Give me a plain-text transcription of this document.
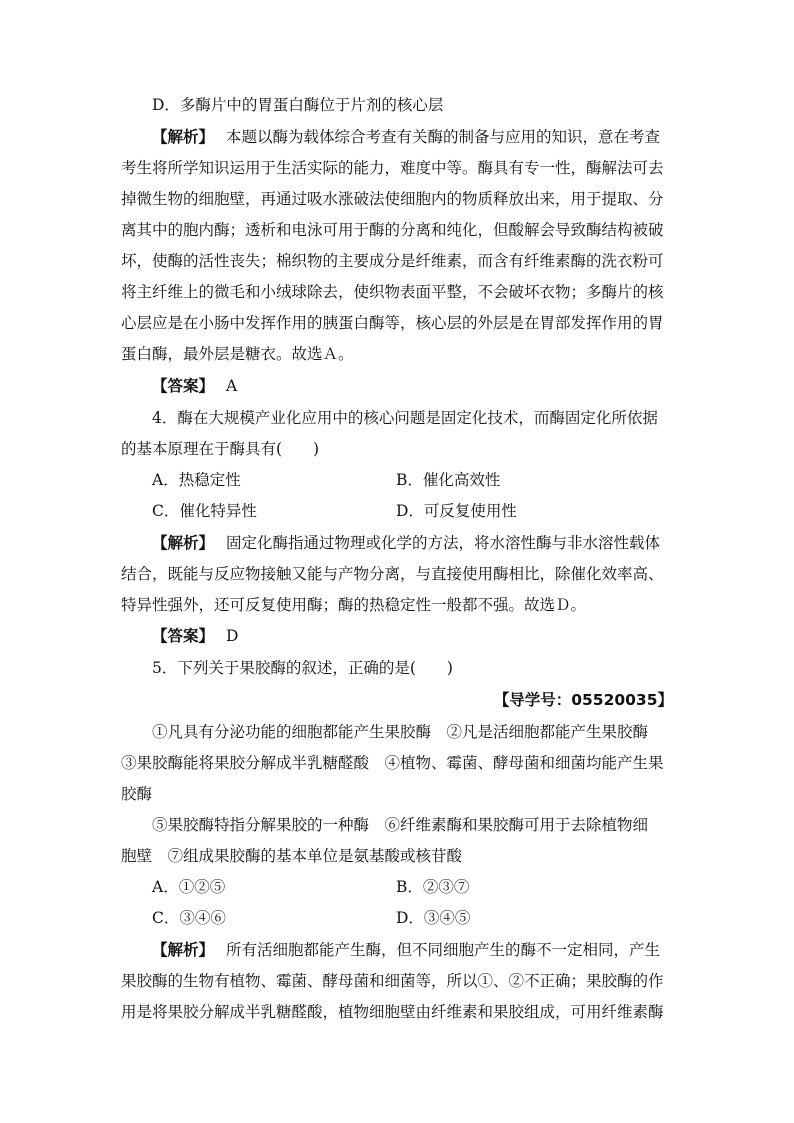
D．多酶片中的胃蛋白酶位于片剂的核心层
【解析】 本题以酶为载体综合考查有关酶的制备与应用的知识，意在考查
考生将所学知识运用于生活实际的能力，难度中等。酶具有专一性，酶解法可去
掉微生物的细胞壁，再通过吸水涨破法使细胞内的物质释放出来，用于提取、分
离其中的胞内酶；透析和电泳可用于酶的分离和纯化，但酸解会导致酶结构被破
坏，使酶的活性丧失；棉织物的主要成分是纤维素，而含有纤维素酶的洗衣粉可
将主纤维上的微毛和小绒球除去，使织物表面平整，不会破坏衣物；多酶片的核
心层应是在小肠中发挥作用的胰蛋白酶等，核心层的外层是在胃部发挥作用的胃
蛋白酶，最外层是糖衣。故选Ａ。
【答案】 A
4．酶在大规模产业化应用中的核心问题是固定化技术，而酶固定化所依据
的基本原理在于酶具有(　　)
A．热稳定性	B．催化高效性
C．催化特异性	D．可反复使用性
【解析】 固定化酶指通过物理或化学的方法，将水溶性酶与非水溶性载体
结合，既能与反应物接触又能与产物分离，与直接使用酶相比，除催化效率高、
特异性强外，还可反复使用酶；酶的热稳定性一般都不强。故选Ｄ。
【答案】 D
5．下列关于果胶酶的叙述，正确的是(　　)
【导学号：05520035】
①凡具有分泌功能的细胞都能产生果胶酶　②凡是活细胞都能产生果胶酶
③果胶酶能将果胶分解成半乳糖醛酸　④植物、霉菌、酵母菌和细菌均能产生果
胶酶
⑤果胶酶特指分解果胶的一种酶　⑥纤维素酶和果胶酶可用于去除植物细
胞壁　⑦组成果胶酶的基本单位是氨基酸或核苷酸
A．①②⑤	B．②③⑦
C．③④⑥	D．③④⑤
【解析】 所有活细胞都能产生酶，但不同细胞产生的酶不一定相同，产生
果胶酶的生物有植物、霉菌、酵母菌和细菌等，所以①、②不正确；果胶酶的作
用是将果胶分解成半乳糖醛酸，植物细胞壁由纤维素和果胶组成，可用纤维素酶
